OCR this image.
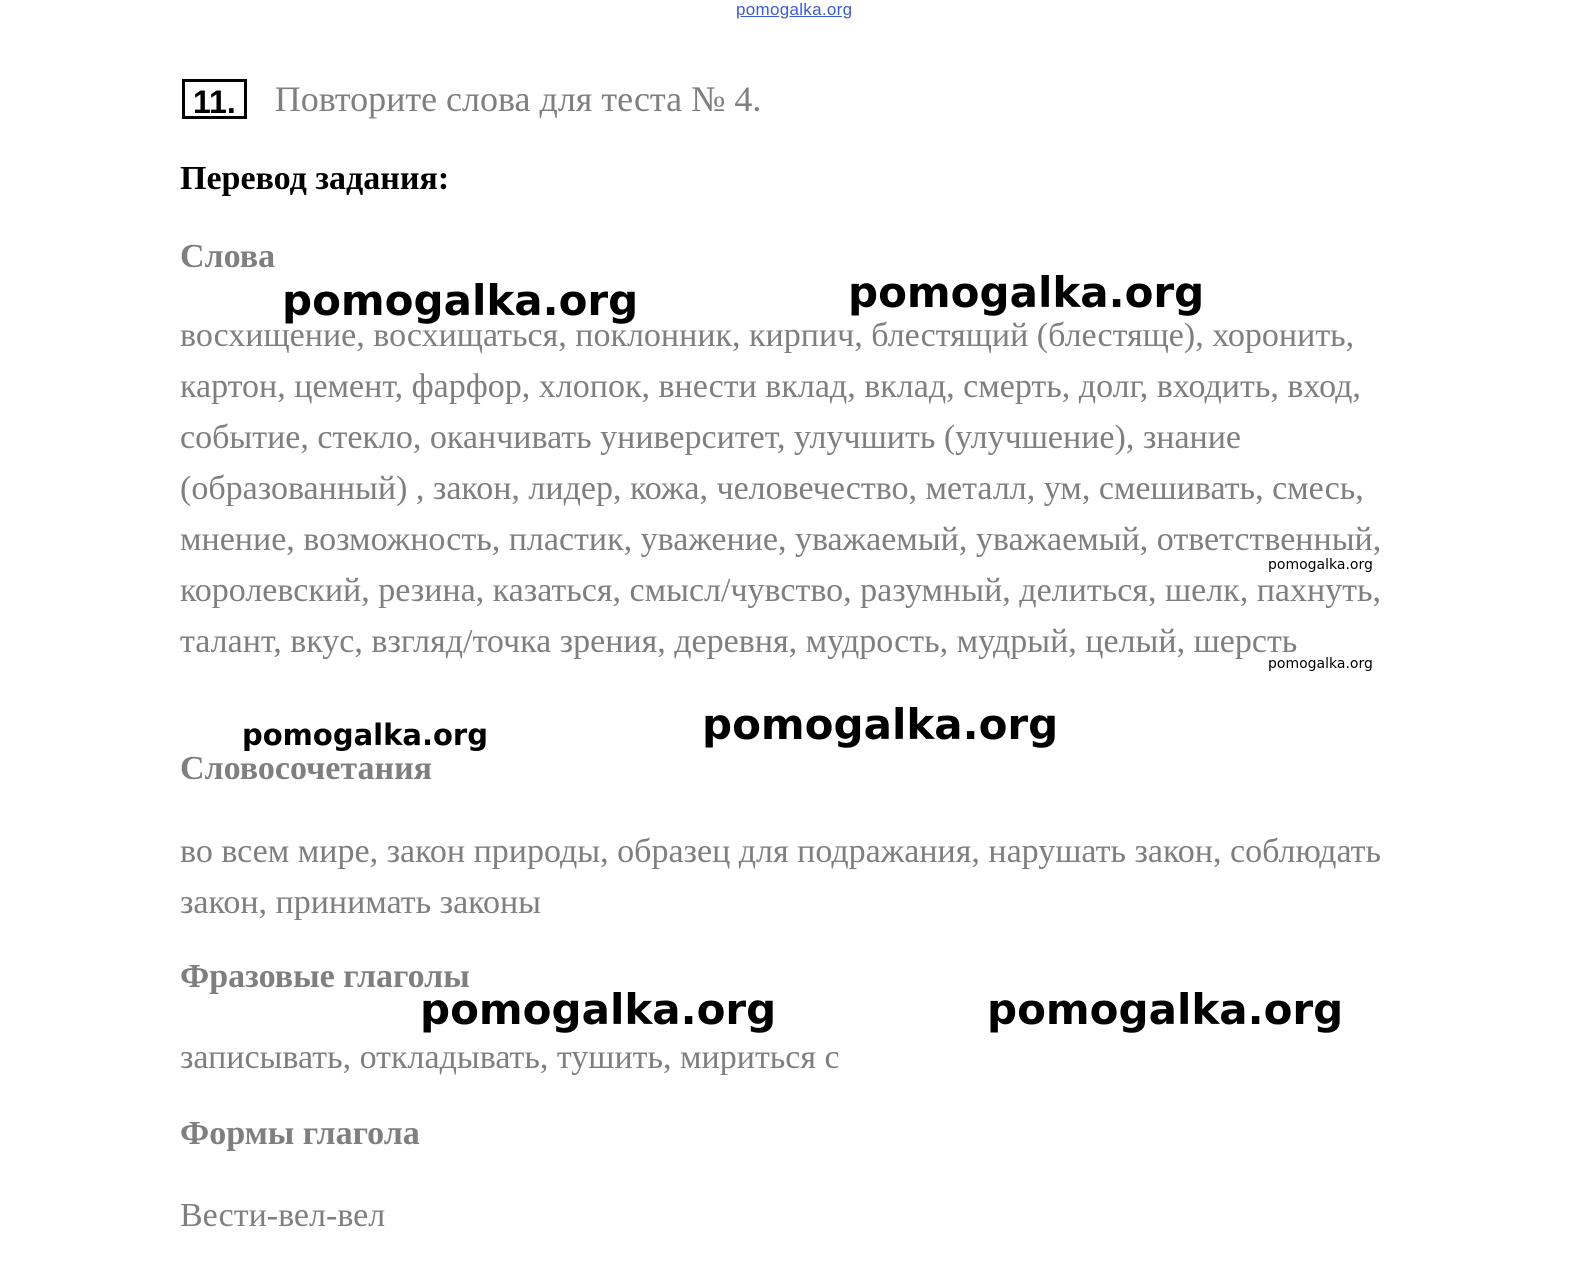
pomogalka.org
11.	Повторите слова для теста № 4.
Перевод задания:
Слова

восхищение, восхищаться, поклонник, кирпич, блестящий (блестяще), хоронить, картон, цемент, фарфор, хлопок, внести вклад, вклад, смерть, долг, входить, вход, событие, стекло, оканчивать университет, улучшить (улучшение), знание (образованный) , закон, лидер, кожа, человечество, металл, ум, смешивать, смесь, мнение, возможность, пластик, уважение, уважаемый, уважаемый, ответственный, королевский, резина, казаться, смысл/чувство, разумный, делиться, шелк, пахнуть, талант, вкус, взгляд/точка зрения, деревня, мудрость, мудрый, целый, шерсть

Словосочетания

во всем мире, закон природы, образец для подражания, нарушать закон, соблюдать закон, принимать законы

Фразовые глаголы

записывать, откладывать, тушить, мириться с

Формы глагола

Вести-вел-вел

pomogalka.org	pomogalka.org
pomogalka.org
pomogalka.org
pomogalka.org
pomogalka.org
pomogalka.org	pomogalka.org
